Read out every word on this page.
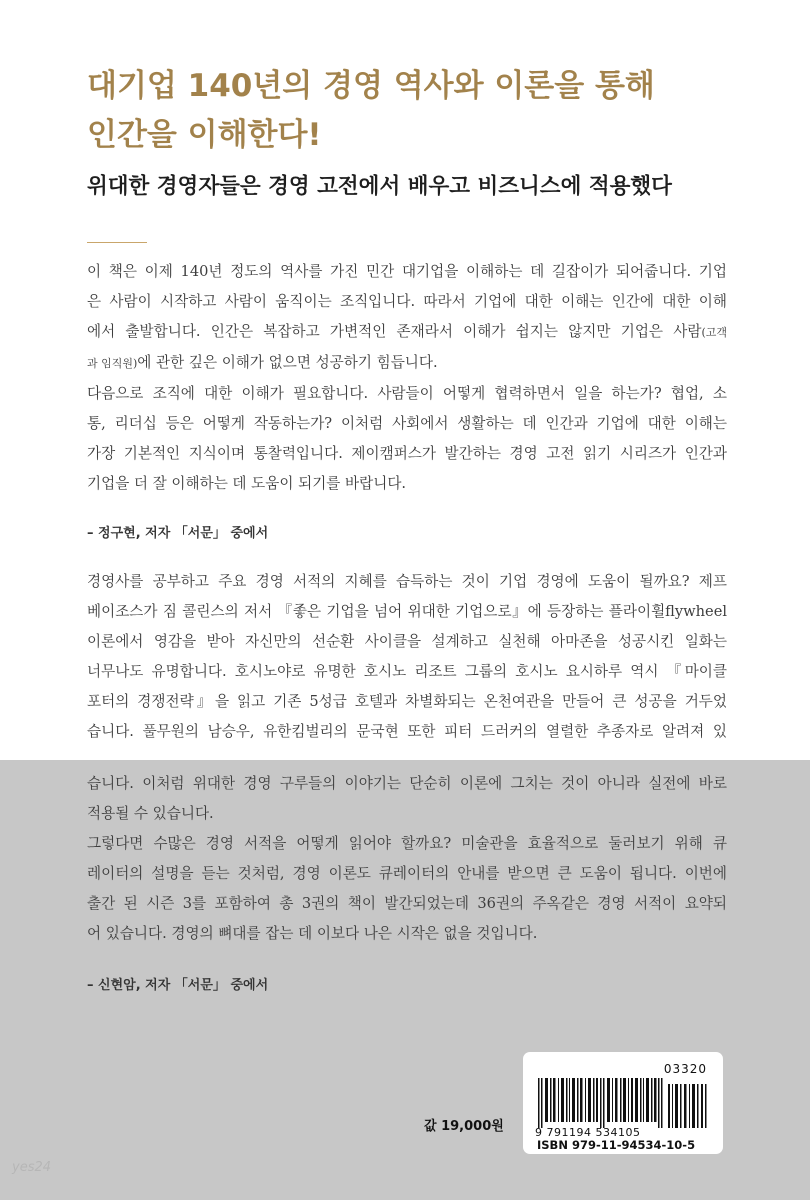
대기업 140년의 경영 역사와 이론을 통해
인간을 이해한다!
위대한 경영자들은 경영 고전에서 배우고 비즈니스에 적용했다
이 책은 이제 140년 정도의 역사를 가진 민간 대기업을 이해하는 데 길잡이가 되어줍니다. 기업
은 사람이 시작하고 사람이 움직이는 조직입니다. 따라서 기업에 대한 이해는 인간에 대한 이해
에서 출발합니다. 인간은 복잡하고 가변적인 존재라서 이해가 쉽지는 않지만 기업은 사람(고객
과 임직원)에 관한 깊은 이해가 없으면 성공하기 힘듭니다.
다음으로 조직에 대한 이해가 필요합니다. 사람들이 어떻게 협력하면서 일을 하는가? 협업, 소
통, 리더십 등은 어떻게 작동하는가? 이처럼 사회에서 생활하는 데 인간과 기업에 대한 이해는
가장 기본적인 지식이며 통찰력입니다. 제이캠퍼스가 발간하는 경영 고전 읽기 시리즈가 인간과
기업을 더 잘 이해하는 데 도움이 되기를 바랍니다.
– 정구현, 저자 「서문」 중에서
경영사를 공부하고 주요 경영 서적의 지혜를 습득하는 것이 기업 경영에 도움이 될까요? 제프
베이조스가 짐 콜린스의 저서 『좋은 기업을 넘어 위대한 기업으로』에 등장하는 플라이휠flywheel
이론에서 영감을 받아 자신만의 선순환 사이클을 설계하고 실천해 아마존을 성공시킨 일화는
너무나도 유명합니다. 호시노야로 유명한 호시노 리조트 그룹의 호시노 요시하루 역시 『마이클
포터의 경쟁전략』을 읽고 기존 5성급 호텔과 차별화되는 온천여관을 만들어 큰 성공을 거두었
습니다. 풀무원의 남승우, 유한킴벌리의 문국현 또한 피터 드러커의 열렬한 추종자로 알려져 있
습니다. 이처럼 위대한 경영 구루들의 이야기는 단순히 이론에 그치는 것이 아니라 실전에 바로
적용될 수 있습니다.
그렇다면 수많은 경영 서적을 어떻게 읽어야 할까요? 미술관을 효율적으로 둘러보기 위해 큐
레이터의 설명을 듣는 것처럼, 경영 이론도 큐레이터의 안내를 받으면 큰 도움이 됩니다. 이번에
출간 된 시즌 3를 포함하여 총 3권의 책이 발간되었는데 36권의 주옥같은 경영 서적이 요약되
어 있습니다. 경영의 뼈대를 잡는 데 이보다 나은 시작은 없을 것입니다.
– 신현암, 저자 「서문」 중에서
값 19,000원
03320
9 791194 534105
ISBN 979-11-94534-10-5
yes24
